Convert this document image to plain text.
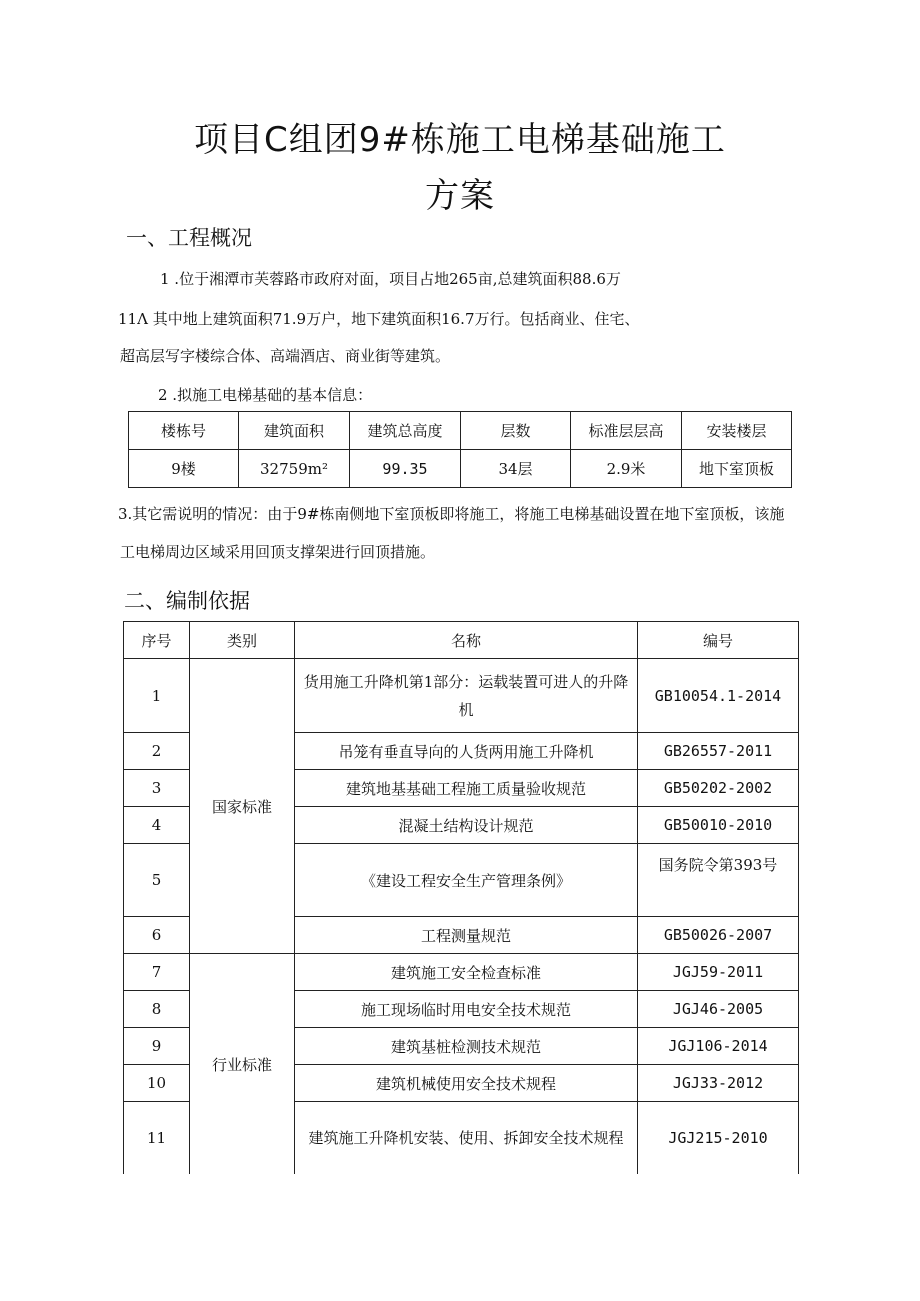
项目C组团9#栋施工电梯基础施工
方案
一、工程概况
1 .位于湘潭市芙蓉路市政府对面，项目占地265亩,总建筑面积88.6万
11Λ 其中地上建筑面积71.9万户，地下建筑面积16.7万行。包括商业、住宅、
超高层写字楼综合体、高端酒店、商业街等建筑。
2 .拟施工电梯基础的基本信息：
楼栋号	建筑面积	建筑总高度	层数	标准层层高	安装楼层
9楼	32759m²	99.35	34层	2.9米	地下室顶板
3.其它需说明的情况：由于9#栋南侧地下室顶板即将施工，将施工电梯基础设置在地下室顶板，该施
工电梯周边区域采用回顶支撑架进行回顶措施。
二、编制依据
序号	类别	名称	编号
1	国家标准	货用施工升降机第1部分：运载装置可进人的升降机	GB10054.1-2014
2		吊笼有垂直导向的人货两用施工升降机	GB26557-2011
3		建筑地基基础工程施工质量验收规范	GB50202-2002
4		混凝土结构设计规范	GB50010-2010
5		《建设工程安全生产管理条例》	国务院令第393号
6		工程测量规范	GB50026-2007
7	行业标准	建筑施工安全检查标准	JGJ59-2011
8		施工现场临时用电安全技术规范	JGJ46-2005
9		建筑基桩检测技术规范	JGJ106-2014
10		建筑机械使用安全技术规程	JGJ33-2012
11		建筑施工升降机安装、使用、拆卸安全技术规程	JGJ215-2010
